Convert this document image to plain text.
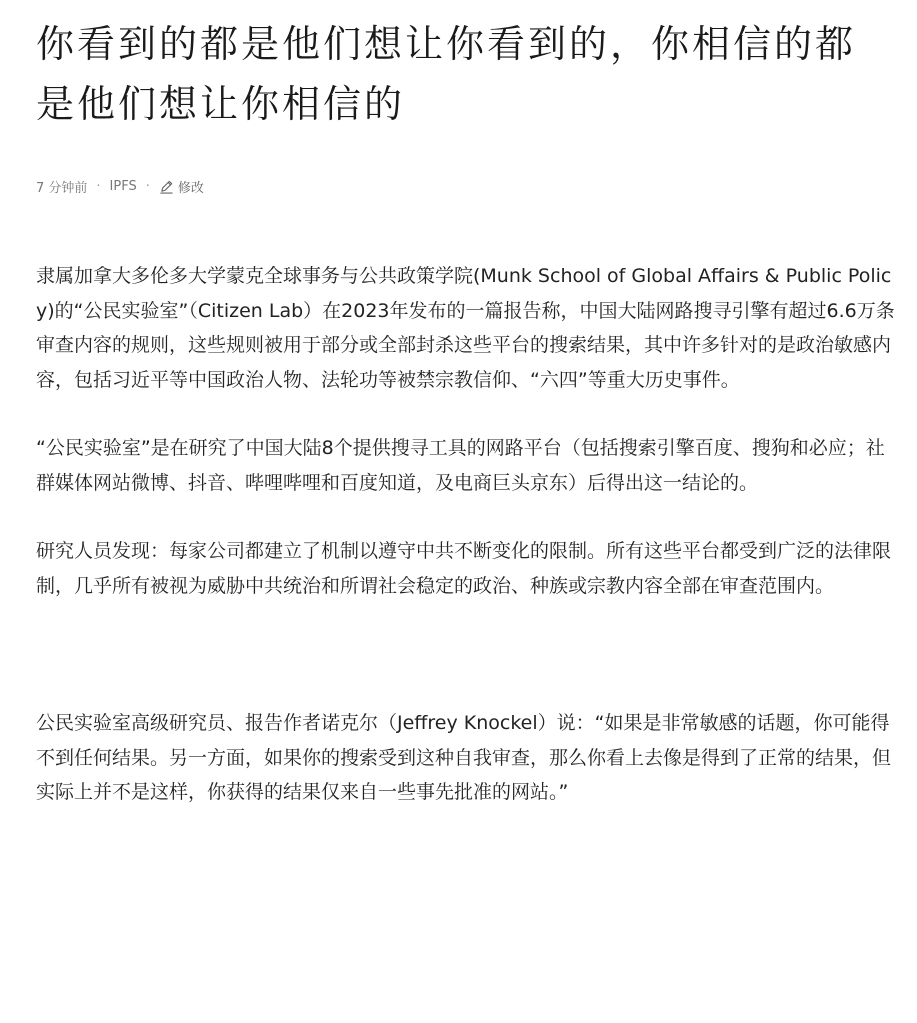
你看到的都是他们想让你看到的，你相信的都是他们想让你相信的
7 分钟前 · IPFS · 修改

隶属加拿大多伦多大学蒙克全球事务与公共政策学院(Munk School of Global Affairs & Public Policy)的“公民实验室”（Citizen Lab）在2023年发布的一篇报告称，中国大陆网路搜寻引擎有超过6.6万条审查内容的规则，这些规则被用于部分或全部封杀这些平台的搜索结果，其中许多针对的是政治敏感内容，包括习近平等中国政治人物、法轮功等被禁宗教信仰、“六四”等重大历史事件。

“公民实验室”是在研究了中国大陆8个提供搜寻工具的网路平台（包括搜索引擎百度、搜狗和必应；社群媒体网站微博、抖音、哔哩哔哩和百度知道，及电商巨头京东）后得出这一结论的。

研究人员发现：每家公司都建立了机制以遵守中共不断变化的限制。所有这些平台都受到广泛的法律限制，几乎所有被视为威胁中共统治和所谓社会稳定的政治、种族或宗教内容全部在审查范围内。

公民实验室高级研究员、报告作者诺克尔（Jeffrey Knockel）说：“如果是非常敏感的话题，你可能得不到任何结果。另一方面，如果你的搜索受到这种自我审查，那么你看上去像是得到了正常的结果，但实际上并不是这样，你获得的结果仅来自一些事先批准的网站。”
